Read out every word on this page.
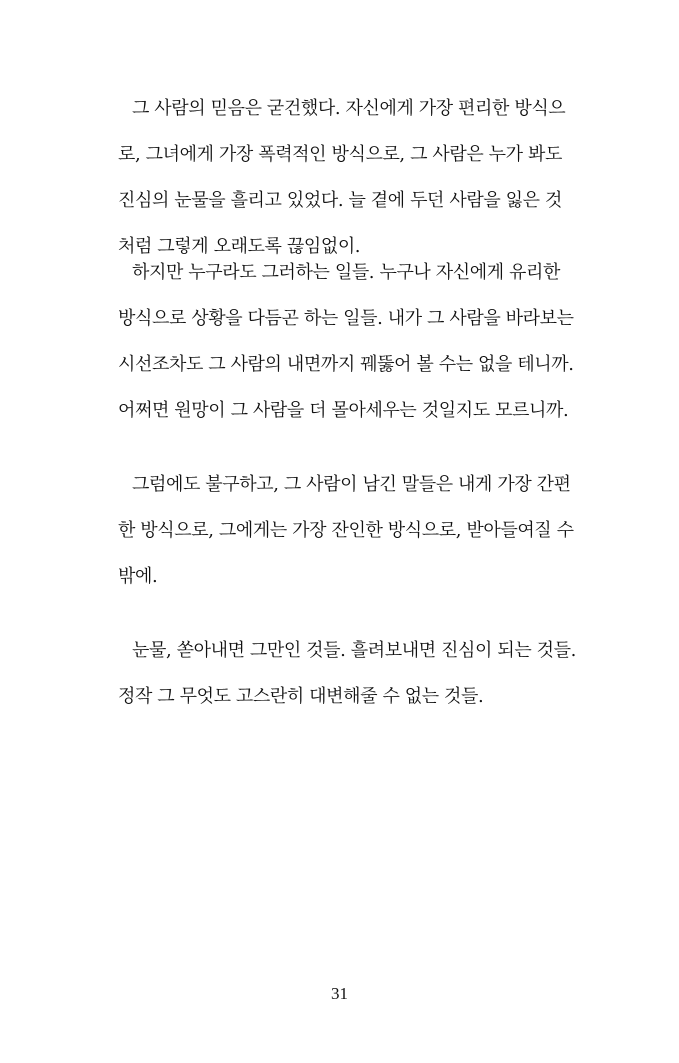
그 사람의 믿음은 굳건했다. 자신에게 가장 편리한 방식으
로, 그녀에게 가장 폭력적인 방식으로, 그 사람은 누가 봐도
진심의 눈물을 흘리고 있었다. 늘 곁에 두던 사람을 잃은 것
처럼 그렇게 오래도록 끊임없이.
하지만 누구라도 그러하는 일들. 누구나 자신에게 유리한
방식으로 상황을 다듬곤 하는 일들. 내가 그 사람을 바라보는
시선조차도 그 사람의 내면까지 꿰뚫어 볼 수는 없을 테니까.
어쩌면 원망이 그 사람을 더 몰아세우는 것일지도 모르니까.
그럼에도 불구하고, 그 사람이 남긴 말들은 내게 가장 간편
한 방식으로, 그에게는 가장 잔인한 방식으로, 받아들여질 수
밖에.
눈물, 쏟아내면 그만인 것들. 흘려보내면 진심이 되는 것들.
정작 그 무엇도 고스란히 대변해줄 수 없는 것들.
31
